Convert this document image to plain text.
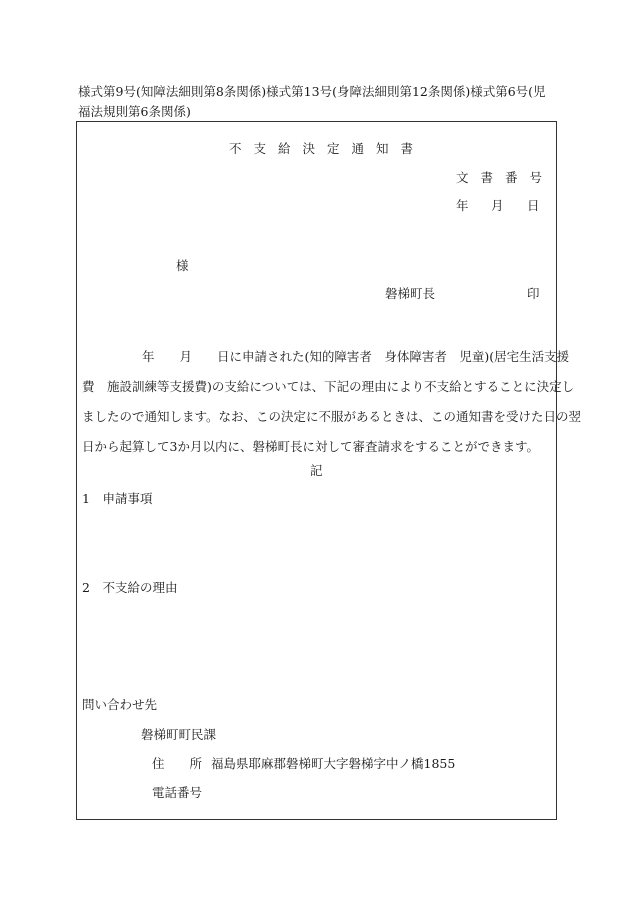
様式第9号(知障法細則第8条関係)様式第13号(身障法細則第12条関係)様式第6号(児福法規則第6条関係)
不支給決定通知書
文書番号
年 月 日
様
磐梯町長	印

年　　月　　日に申請された(知的障害者　身体障害者　児童)(居宅生活支援

費　施設訓練等支援費)の支給については、下記の理由により不支給とすることに決定し

ましたので通知します。なお、この決定に不服があるときは、この通知書を受けた日の翌

日から起算して3か月以内に、磐梯町長に対して審査請求をすることができます。

記
1　申請事項
2　不支給の理由
問い合わせ先
磐梯町町民課
住　　所 福島県耶麻郡磐梯町大字磐梯字中ノ橋1855
電話番号
